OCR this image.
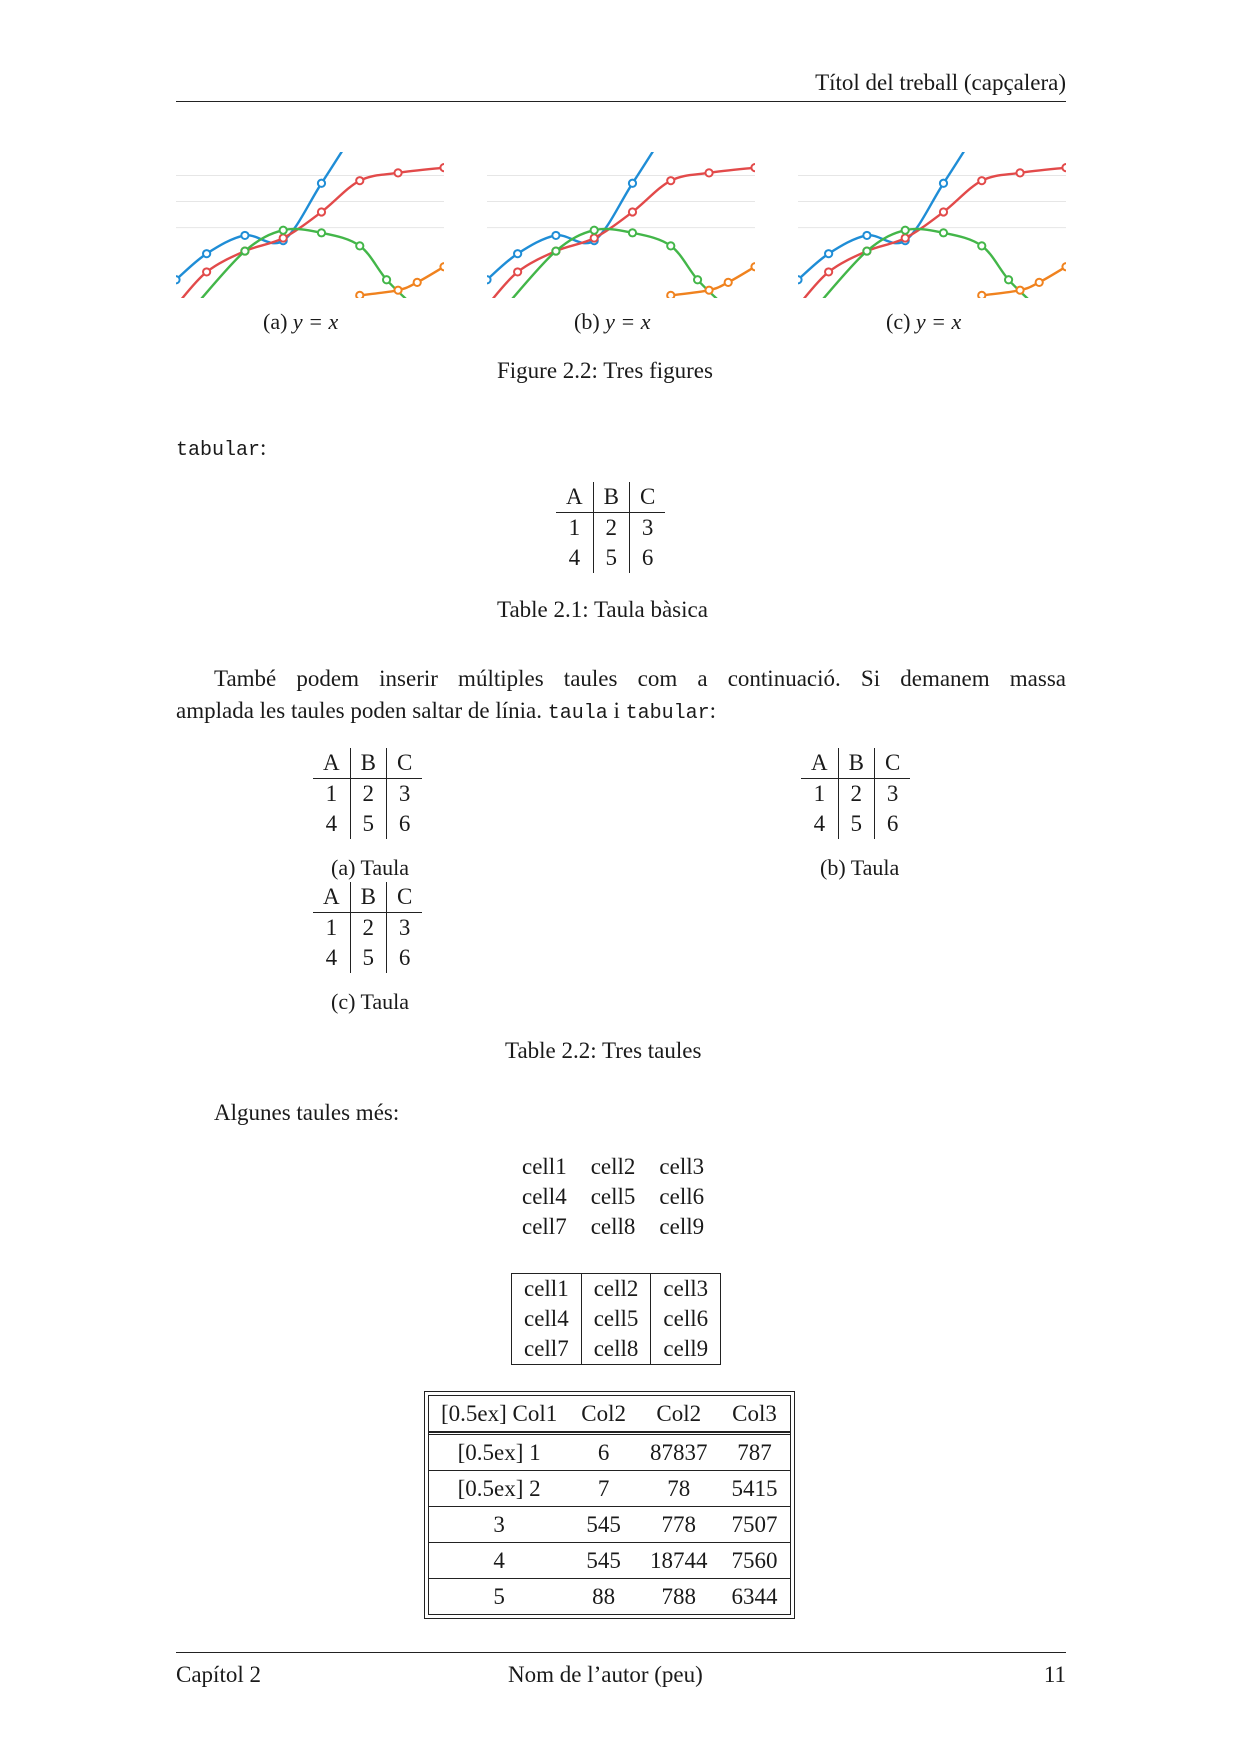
Títol del treball (capçalera)
(a) y = x	(b) y = x	(c) y = x
Figure 2.2: Tres figures
tabular:
A	B	C
1	2	3
4	5	6
Table 2.1: Taula bàsica
També podem inserir múltiples taules com a continuació. Si demanem massa
amplada les taules poden saltar de línia. taula i tabular:
A	B	C
1	2	3
4	5	6
(a) Taula
A	B	C
1	2	3
4	5	6
(b) Taula
A	B	C
1	2	3
4	5	6
(c) Taula
Table 2.2: Tres taules
Algunes taules més:
cell1	cell2	cell3
cell4	cell5	cell6
cell7	cell8	cell9
cell1	cell2	cell3
cell4	cell5	cell6
cell7	cell8	cell9
[0.5ex] Col1	Col2	Col2	Col3
[0.5ex] 1	6	87837	787
[0.5ex] 2	7	78	5415
3	545	778	7507
4	545	18744	7560
5	88	788	6344
Capítol 2	Nom de l’autor (peu)	11
